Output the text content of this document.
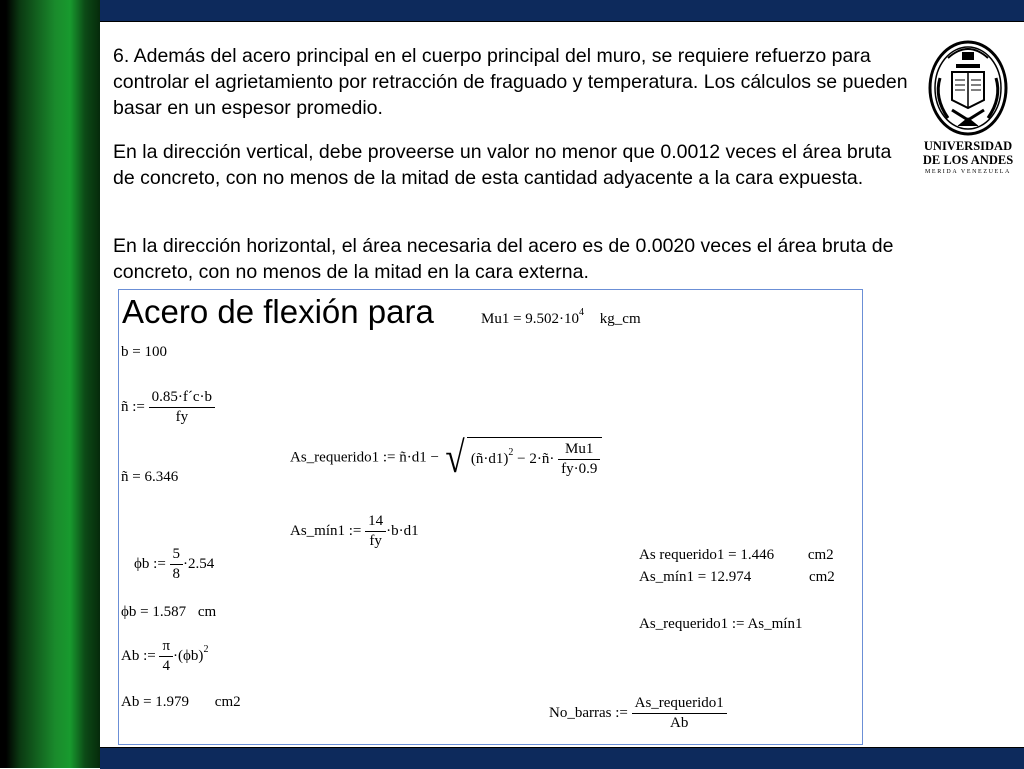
6. Además del acero principal en el cuerpo principal del muro, se requiere refuerzo para controlar el agrietamiento por retracción de fraguado y temperatura. Los cálculos se pueden basar en un espesor promedio.

En la dirección vertical, debe proveerse un valor no menor que 0.0012 veces el área bruta de concreto, con no menos de la mitad de esta cantidad adyacente a la cara expuesta.

En la dirección horizontal, el área necesaria del acero es de 0.0020 veces el área bruta de concreto, con no menos de la mitad en la cara externa.

UNIVERSIDAD

DE LOS ANDES

MERIDA VENEZUELA

Acero de flexión para	$Mu1 = 9.502\cdot 10^4$ kg_cm
b = 100
ñ := $\frac{0.85\cdot f´c\cdot b}{fy}$
ñ = 6.346
As_requerido1 := ñ·d1 − √ (ñ·d1)$^2$ − 2·ñ· $\frac{Mu1}{fy\cdot 0.9}$
As_mín1 := $\frac{14}{fy} \cdot b\cdot d1$
ϕb := $\frac{5}{8} \cdot 2.54$
ϕb = 1.587 cm
Ab := $\frac{\pi}{4} \cdot(\phi b)^2$
Ab = 1.979 cm2
As requerido1 = 1.446 cm2
As_mín1 = 12.974	cm2
As_requerido1 := As_mín1
No_barras := $\frac{\text{As\_requerido1}}{Ab}$
